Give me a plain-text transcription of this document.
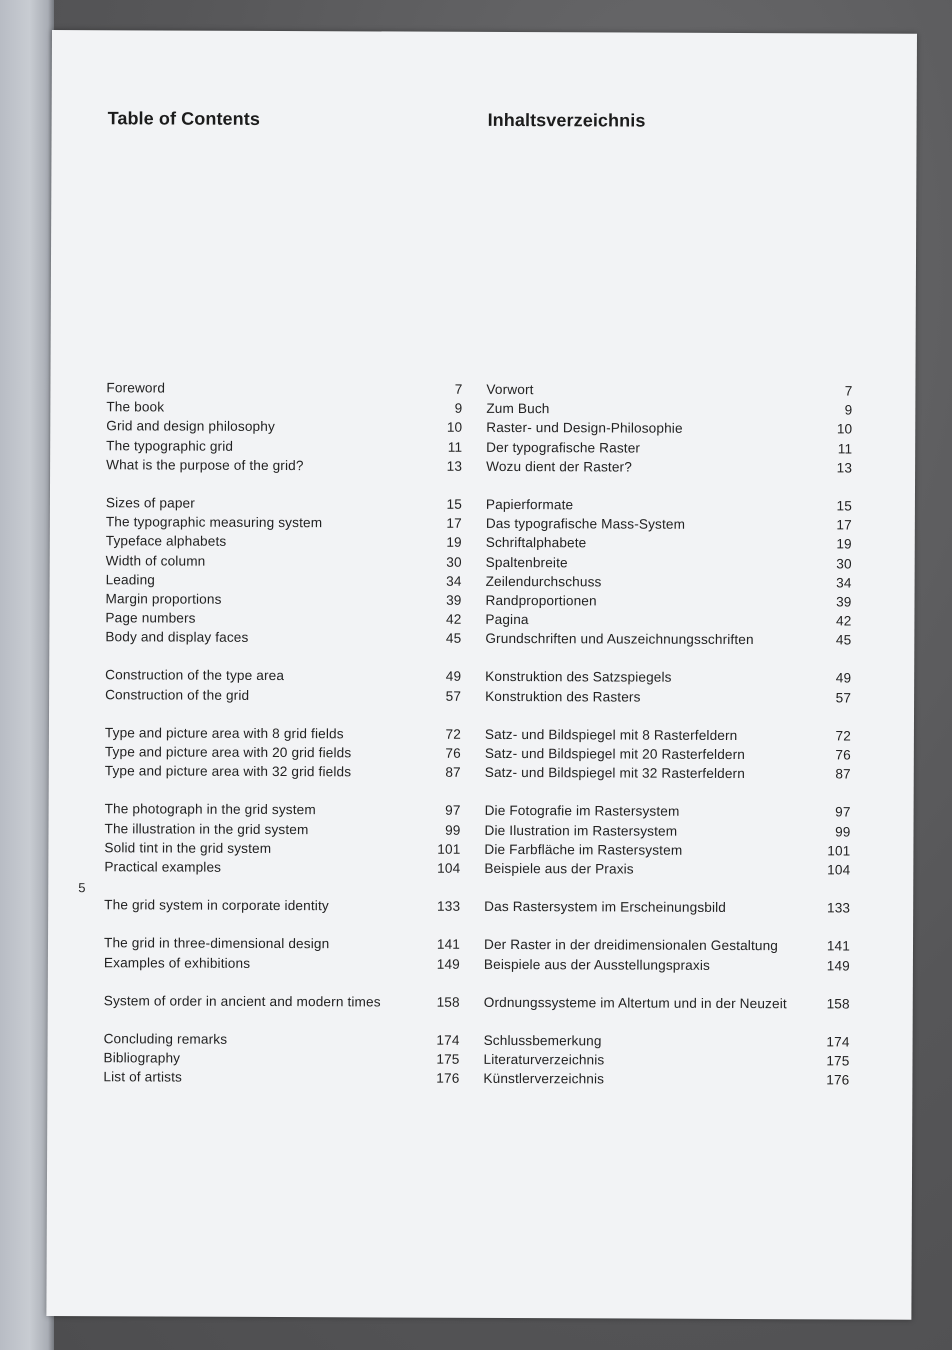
5
Table of Contents
Foreword	7
The book	9
Grid and design philosophy	10
The typographic grid	11
What is the purpose of the grid?	13
Sizes of paper	15
The typographic measuring system	17
Typeface alphabets	19
Width of column	30
Leading	34
Margin proportions	39
Page numbers	42
Body and display faces	45
Construction of the type area	49
Construction of the grid	57
Type and picture area with 8 grid fields	72
Type and picture area with 20 grid fields	76
Type and picture area with 32 grid fields	87
The photograph in the grid system	97
The illustration in the grid system	99
Solid tint in the grid system	101
Practical examples	104
The grid system in corporate identity	133
The grid in three-dimensional design	141
Examples of exhibitions	149
System of order in ancient and modern times	158
Concluding remarks	174
Bibliography	175
List of artists	176
Inhaltsverzeichnis
Vorwort	7
Zum Buch	9
Raster- und Design-Philosophie	10
Der typografische Raster	11
Wozu dient der Raster?	13
Papierformate	15
Das typografische Mass-System	17
Schriftalphabete	19
Spaltenbreite	30
Zeilendurchschuss	34
Randproportionen	39
Pagina	42
Grundschriften und Auszeichnungsschriften	45
Konstruktion des Satzspiegels	49
Konstruktion des Rasters	57
Satz- und Bildspiegel mit 8 Rasterfeldern	72
Satz- und Bildspiegel mit 20 Rasterfeldern	76
Satz- und Bildspiegel mit 32 Rasterfeldern	87
Die Fotografie im Rastersystem	97
Die Ilustration im Rastersystem	99
Die Farbfläche im Rastersystem	101
Beispiele aus der Praxis	104
Das Rastersystem im Erscheinungsbild	133
Der Raster in der dreidimensionalen Gestaltung	141
Beispiele aus der Ausstellungspraxis	149
Ordnungssysteme im Altertum und in der Neuzeit	158
Schlussbemerkung	174
Literaturverzeichnis	175
Künstlerverzeichnis	176
